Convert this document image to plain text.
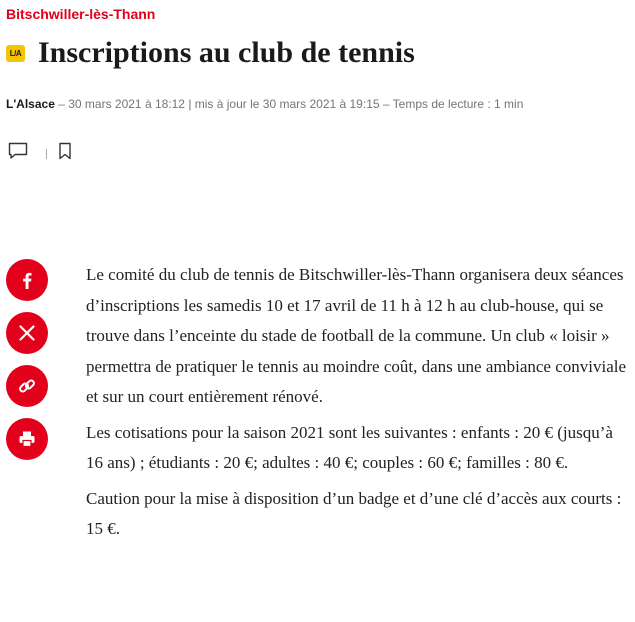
Bitschwiller-lès-Thann
L/A Inscriptions au club de tennis
L'Alsace – 30 mars 2021 à 18:12 | mis à jour le 30 mars 2021 à 19:15 – Temps de lecture : 1 min

Le comité du club de tennis de Bitschwiller-lès-Thann organisera deux séances d’inscriptions les samedis 10 et 17 avril de 11 h à 12 h au club-house, qui se trouve dans l’enceinte du stade de football de la commune. Un club « loisir » permettra de pratiquer le tennis au moindre coût, dans une ambiance conviviale et sur un court entièrement rénové.

Les cotisations pour la saison 2021 sont les suivantes : enfants : 20 € (jusqu’à 16 ans) ; étudiants : 20 €; adultes : 40 €; couples : 60 €; familles : 80 €.

Caution pour la mise à disposition d’un badge et d’une clé d’accès aux courts : 15 €.
